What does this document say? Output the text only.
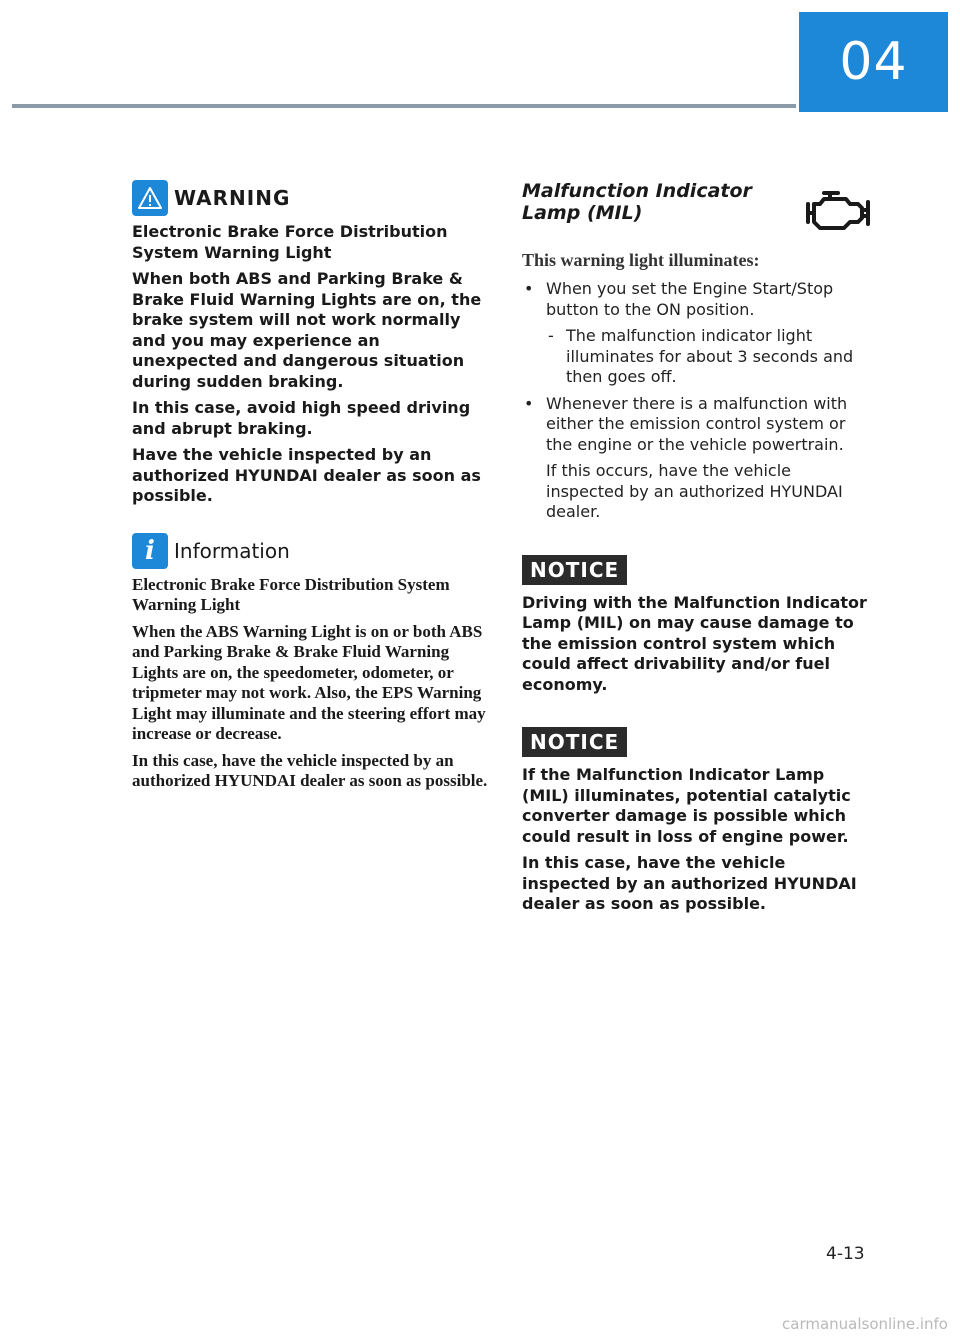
04
WARNING

Electronic Brake Force Distribution System Warning Light

When both ABS and Parking Brake & Brake Fluid Warning Lights are on, the brake system will not work normally and you may experience an unexpected and dangerous situation during sudden braking.

In this case, avoid high speed driving and abrupt braking.

Have the vehicle inspected by an authorized HYUNDAI dealer as soon as possible.

i Information

Electronic Brake Force Distribution System Warning Light

When the ABS Warning Light is on or both ABS and Parking Brake & Brake Fluid Warning Lights are on, the speedometer, odometer, or tripmeter may not work. Also, the EPS Warning Light may illuminate and the steering effort may increase or decrease.

In this case, have the vehicle inspected by an authorized HYUNDAI dealer as soon as possible.

Malfunction Indicator Lamp (MIL)

This warning light illuminates:

• When you set the Engine Start/Stop button to the ON position.

- The malfunction indicator light illuminates for about 3 seconds and then goes off.

• Whenever there is a malfunction with either the emission control system or the engine or the vehicle powertrain.

If this occurs, have the vehicle inspected by an authorized HYUNDAI dealer.

NOTICE

Driving with the Malfunction Indicator Lamp (MIL) on may cause damage to the emission control system which could affect drivability and/or fuel economy.

NOTICE

If the Malfunction Indicator Lamp (MIL) illuminates, potential catalytic converter damage is possible which could result in loss of engine power.

In this case, have the vehicle inspected by an authorized HYUNDAI dealer as soon as possible.

4-13
carmanualsonline.info
